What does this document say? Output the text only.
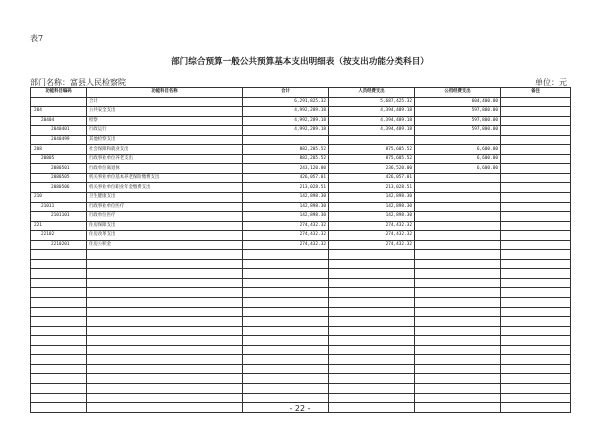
表7
部门综合预算一般公共预算基本支出明细表（按支出功能分类科目）
部门名称：富县人民检察院	单位：元
功能科目编码	功能科目名称	合计	人员经费支出	公用经费支出	备注
	合计	6,291,825.32	5,687,425.32	604,400.00	
204	公共安全支出	4,992,289.18	4,394,489.18	597,800.00	
20404	检察	4,992,289.18	4,394,489.18	597,800.00	
2040401	行政运行	4,992,289.18	4,394,489.18	597,800.00	
2040499	其他检察支出				
208	社会保障和就业支出	882,205.52	875,605.52	6,600.00	
20805	行政事业单位养老支出	882,205.52	875,605.52	6,600.00	
2080501	行政单位离退休	243,120.00	236,520.00	6,600.00	
2080505	机关事业单位基本养老保险缴费支出	426,057.01	426,057.01		
2080506	机关事业单位职业年金缴费支出	213,028.51	213,028.51		
210	卫生健康支出	142,898.30	142,898.30		
21011	行政事业单位医疗	142,898.30	142,898.30		
2101101	行政单位医疗	142,898.30	142,898.30		
221	住房保障支出	274,432.32	274,432.32		
22102	住房改革支出	274,432.32	274,432.32		
2210201	住房公积金	274,432.32	274,432.32		

- 22 -
